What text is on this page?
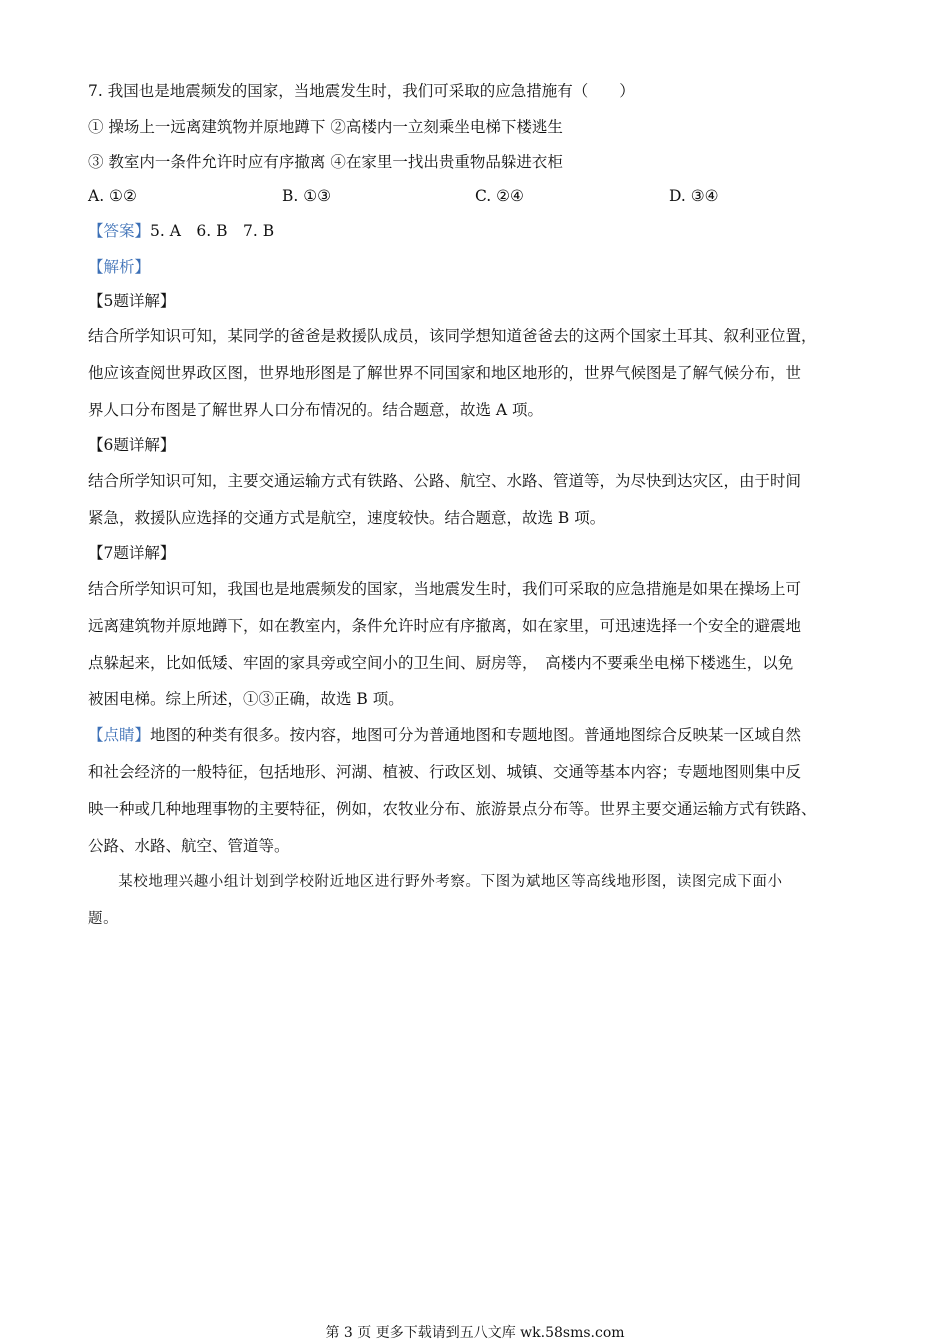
7. 我国也是地震频发的国家，当地震发生时，我们可采取的应急措施有（　　）
① 操场上一远离建筑物并原地蹲下 ②高楼内一立刻乘坐电梯下楼逃生
③ 教室内一条件允许时应有序撤离 ④在家里一找出贵重物品躲进衣柜
A. ①②	B. ①③	C. ②④	D. ③④
【答案】5. A　6. B　7. B
【解析】
【5题详解】
结合所学知识可知，某同学的爸爸是救援队成员，该同学想知道爸爸去的这两个国家土耳其、叙利亚位置，
他应该查阅世界政区图，世界地形图是了解世界不同国家和地区地形的，世界气候图是了解气候分布，世
界人口分布图是了解世界人口分布情况的。结合题意，故选 A 项。
【6题详解】
结合所学知识可知，主要交通运输方式有铁路、公路、航空、水路、管道等，为尽快到达灾区，由于时间
紧急，救援队应选择的交通方式是航空，速度较快。结合题意，故选 B 项。
【7题详解】
结合所学知识可知，我国也是地震频发的国家，当地震发生时，我们可采取的应急措施是如果在操场上可
远离建筑物并原地蹲下，如在教室内，条件允许时应有序撤离，如在家里，可迅速选择一个安全的避震地
点躲起来，比如低矮、牢固的家具旁或空间小的卫生间、厨房等，　高楼内不要乘坐电梯下楼逃生，以免
被困电梯。综上所述，①③正确，故选 B 项。
【点睛】地图的种类有很多。按内容，地图可分为普通地图和专题地图。普通地图综合反映某一区域自然
和社会经济的一般特征，包括地形、河湖、植被、行政区划、城镇、交通等基本内容；专题地图则集中反
映一种或几种地理事物的主要特征，例如，农牧业分布、旅游景点分布等。世界主要交通运输方式有铁路、
公路、水路、航空、管道等。
　　某校地理兴趣小组计划到学校附近地区进行野外考察。下图为斌地区等高线地形图，读图完成下面小
题。
第 3 页 更多下载请到五八文库 wk.58sms.com
